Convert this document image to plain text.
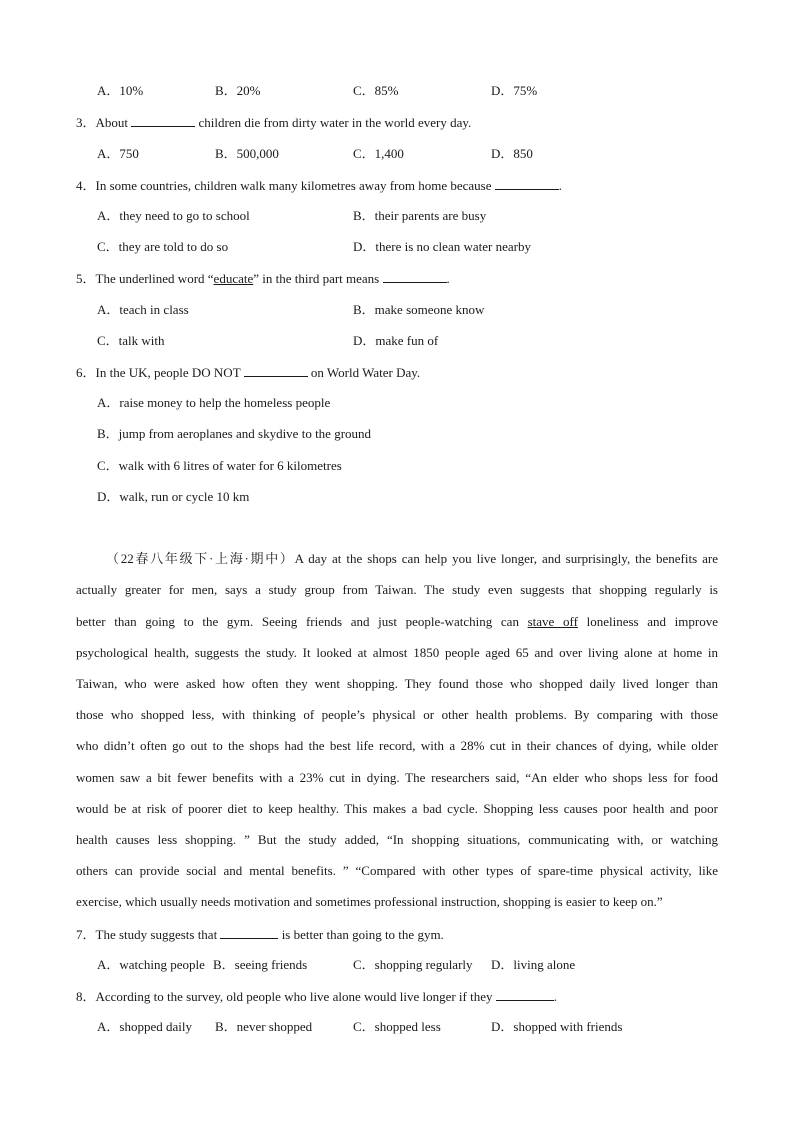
A．10%	B．20%	C．85%	D．75%
3．About	children die from dirty water in the world every day.
A．750	B．500,000	C．1,400	D．850
4．In some countries, children walk many kilometres away from home because	.
A．they need to go to school	B．their parents are busy
C．they are told to do so	D．there is no clean water nearby
5．The underlined word “educate” in the third part means	.
A．teach in class	B．make someone know
C．talk with	D．make fun of
6．In the UK, people DO NOT	on World Water Day.
A．raise money to help the homeless people
B．jump from aeroplanes and skydive to the ground
C．walk with 6 litres of water for 6 kilometres
D．walk, run or cycle 10 km
（22春八年级下·上海·期中）A day at the shops can help you live longer, and surprisingly, the benefits are
actually greater for men, says a study group from Taiwan. The study even suggests that shopping regularly is
better than going to the gym. Seeing friends and just people-watching can stave off loneliness and improve
psychological health, suggests the study. It looked at almost 1850 people aged 65 and over living alone at home in
Taiwan, who were asked how often they went shopping. They found those who shopped daily lived longer than
those who shopped less, with thinking of people’s physical or other health problems. By comparing with those
who didn’t often go out to the shops had the best life record, with a 28% cut in their chances of dying, while older
women saw a bit fewer benefits with a 23% cut in dying. The researchers said, “An elder who shops less for food
would be at risk of poorer diet to keep healthy. This makes a bad cycle. Shopping less causes poor health and poor
health causes less shopping. ” But the study added, “In shopping situations, communicating with, or watching
others can provide social and mental benefits. ” “Compared with other types of spare-time physical activity, like
exercise, which usually needs motivation and sometimes professional instruction, shopping is easier to keep on.”
7．The study suggests that	is better than going to the gym.
A．watching people B．seeing friends	C．shopping regularly D．living alone
8．According to the survey, old people who live alone would live longer if they	.
A．shopped daily B．never shopped	C．shopped less	D．shopped with friends
